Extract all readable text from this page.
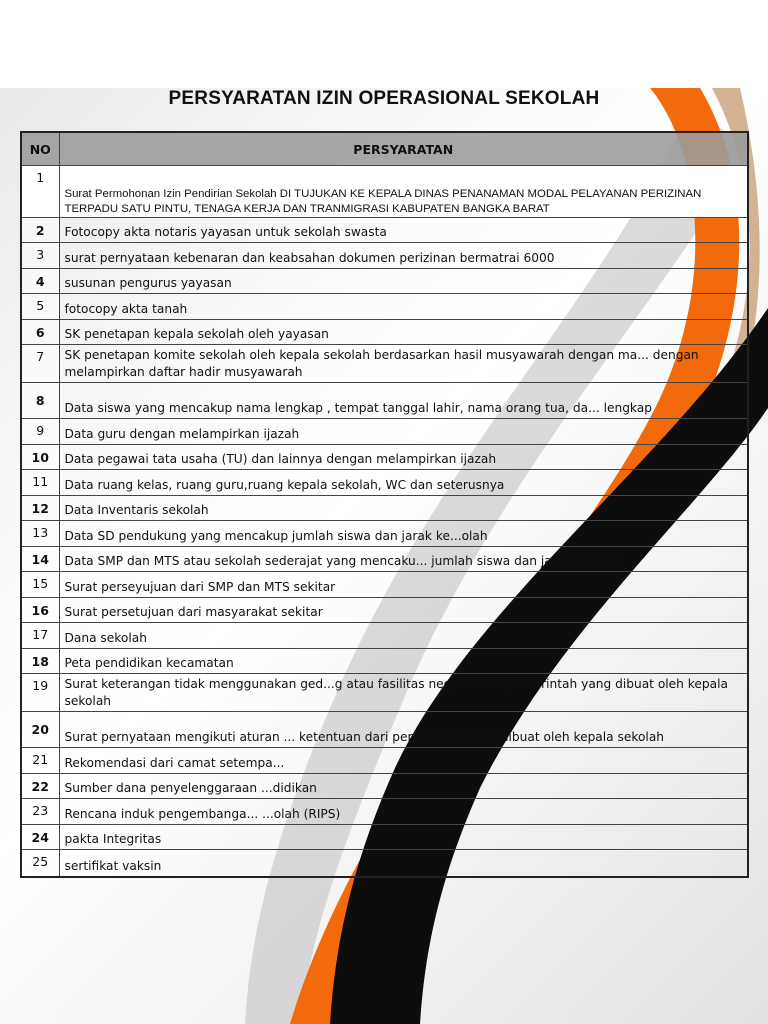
PERSYARATAN IZIN OPERASIONAL SEKOLAH
NO	PERSYARATAN
1	Surat Permohonan Izin Pendirian Sekolah DI TUJUKAN KE KEPALA DINAS PENANAMAN MODAL PELAYANAN PERIZINAN TERPADU SATU PINTU, TENAGA KERJA DAN TRANMIGRASI KABUPATEN BANGKA BARAT
2	Fotocopy akta notaris yayasan untuk sekolah swasta
3	surat pernyataan kebenaran dan keabsahan dokumen perizinan bermatrai 6000
4	susunan pengurus yayasan
5	fotocopy akta tanah
6	SK penetapan kepala sekolah oleh yayasan
7	SK penetapan komite sekolah oleh kepala sekolah berdasarkan hasil musyawarah dengan ma... dengan melampirkan daftar hadir musyawarah
8	Data siswa yang mencakup nama lengkap , tempat tanggal lahir, nama orang tua, da... lengkap
9	Data guru dengan melampirkan ijazah
10	Data pegawai tata usaha (TU) dan lainnya dengan melampirkan ijazah
11	Data ruang kelas, ruang guru,ruang kepala sekolah, WC dan seterusnya
12	Data Inventaris sekolah
13	Data SD pendukung yang mencakup jumlah siswa dan jarak ke...olah
14	Data SMP dan MTS atau sekolah sederajat yang mencaku... jumlah siswa dan jarak sekolah
15	Surat perseyujuan dari SMP dan MTS sekitar
16	Surat persetujuan dari masyarakat sekitar
17	Dana sekolah
18	Peta pendidikan kecamatan
19	Surat keterangan tidak menggunakan ged...g atau fasilitas negara atau pemerintah yang dibuat oleh kepala sekolah
20	Surat pernyataan mengikuti aturan ... ketentuan dari pemerintah yang dibuat oleh kepala sekolah
21	Rekomendasi dari camat setempa...
22	Sumber dana penyelenggaraan ...didikan
23	Rencana induk pengembanga... ...olah (RIPS)
24	pakta Integritas
25	sertifikat vaksin
